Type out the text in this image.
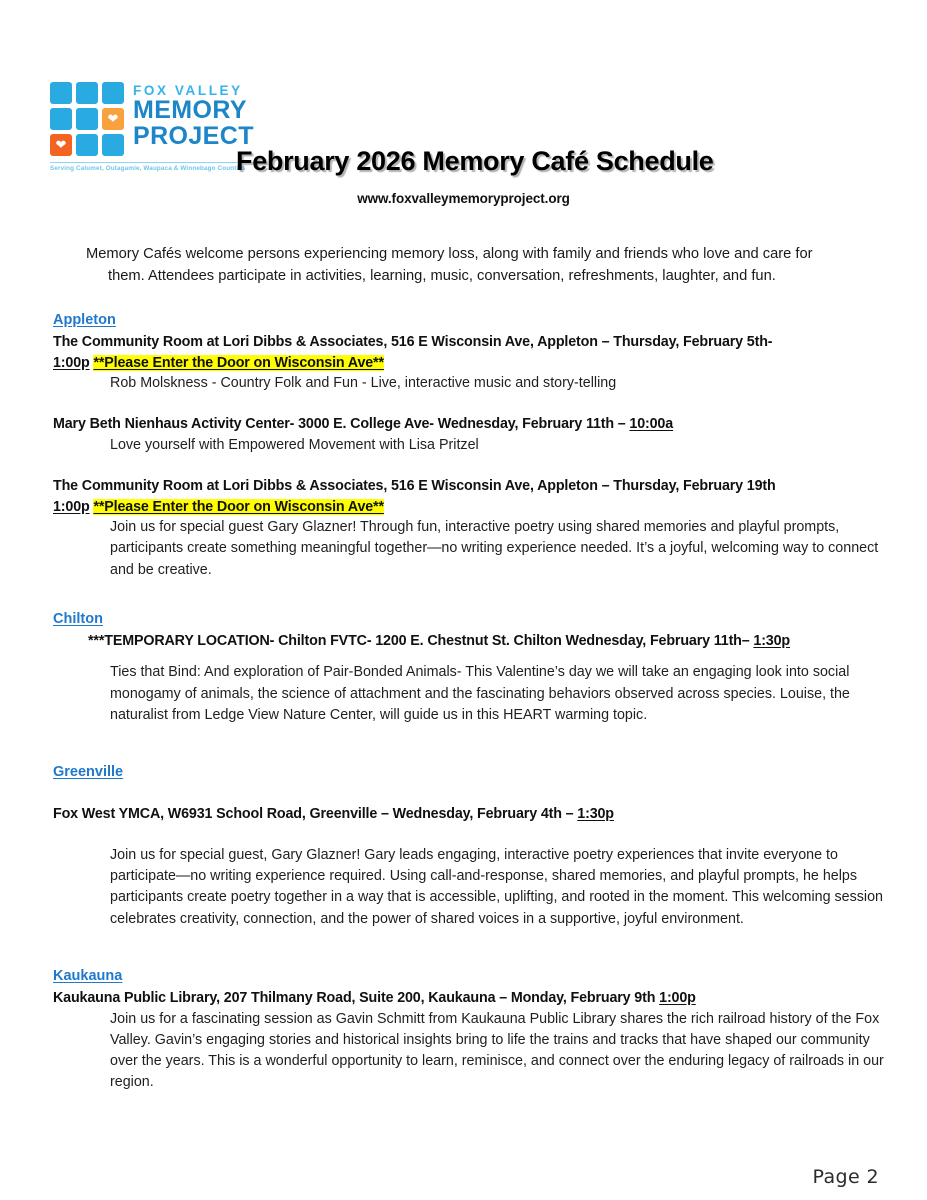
❤
❤
FOX VALLEY
MEMORY
PROJECT
Serving Calumet, Outagamie, Waupaca & Winnebago Counties
February 2026 Memory Café Schedule
www.foxvalleymemoryproject.org
Memory Cafés welcome persons experiencing memory loss, along with family and friends who love and care for
them. Attendees participate in activities, learning, music, conversation, refreshments, laughter, and fun.

Appleton

The Community Room at Lori Dibbs & Associates, 516 E Wisconsin Ave, Appleton – Thursday, February 5th-
1:00p **Please Enter the Door on Wisconsin Ave**

Rob Molskness - Country Folk and Fun - Live, interactive music and story-telling

Mary Beth Nienhaus Activity Center- 3000 E. College Ave- Wednesday, February 11th – 10:00a

Love yourself with Empowered Movement with Lisa Pritzel

The Community Room at Lori Dibbs & Associates, 516 E Wisconsin Ave, Appleton – Thursday, February 19th
1:00p **Please Enter the Door on Wisconsin Ave**

Join us for special guest Gary Glazner! Through fun, interactive poetry using shared memories and playful prompts, participants create something meaningful together—no writing experience needed. It’s a joyful, welcoming way to connect and be creative.

Chilton

***TEMPORARY LOCATION- Chilton FVTC- 1200 E. Chestnut St. Chilton Wednesday, February 11th– 1:30p

Ties that Bind: And exploration of Pair-Bonded Animals- This Valentine’s day we will take an engaging look into social monogamy of animals, the science of attachment and the fascinating behaviors observed across species. Louise, the naturalist from Ledge View Nature Center, will guide us in this HEART warming topic.

Greenville

Fox West YMCA, W6931 School Road, Greenville – Wednesday, February 4th – 1:30p

Join us for special guest, Gary Glazner! Gary leads engaging, interactive poetry experiences that invite everyone to participate—no writing experience required. Using call-and-response, shared memories, and playful prompts, he helps participants create poetry together in a way that is accessible, uplifting, and rooted in the moment. This welcoming session celebrates creativity, connection, and the power of shared voices in a supportive, joyful environment.

Kaukauna

Kaukauna Public Library, 207 Thilmany Road, Suite 200, Kaukauna – Monday, February 9th 1:00p

Join us for a fascinating session as Gavin Schmitt from Kaukauna Public Library shares the rich railroad history of the Fox Valley. Gavin’s engaging stories and historical insights bring to life the trains and tracks that have shaped our community over the years. This is a wonderful opportunity to learn, reminisce, and connect over the enduring legacy of railroads in our region.

Page 2
